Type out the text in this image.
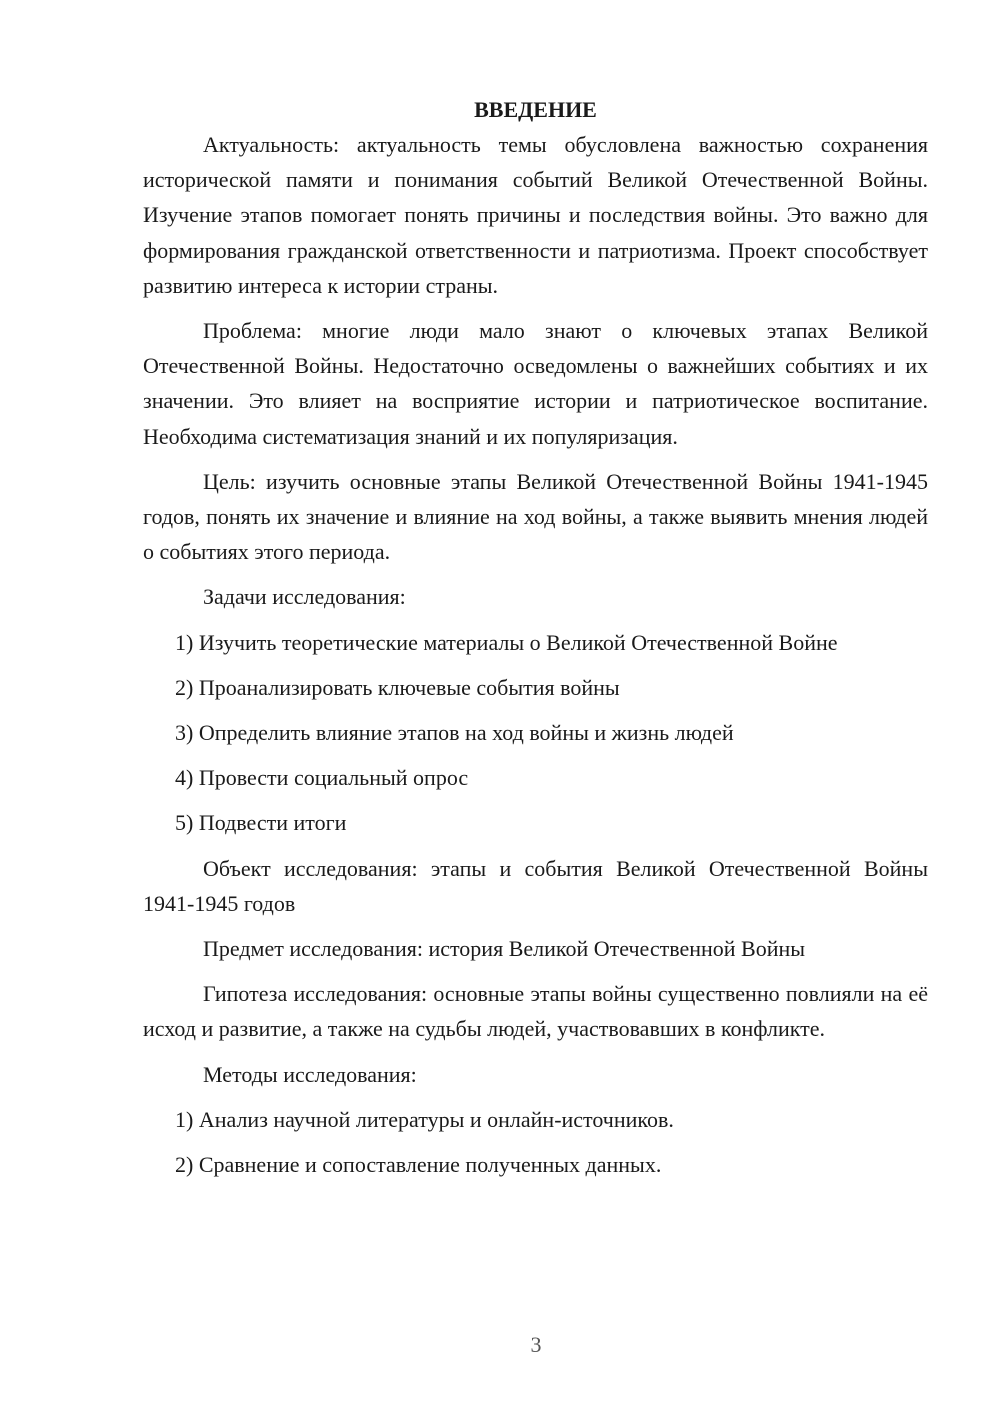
ВВЕДЕНИЕ

Актуальность: актуальность темы обусловлена важностью сохранения исторической памяти и понимания событий Великой Отечественной Войны. Изучение этапов помогает понять причины и последствия войны. Это важно для формирования гражданской ответственности и патриотизма. Проект способствует развитию интереса к истории страны.

Проблема: многие люди мало знают о ключевых этапах Великой Отечественной Войны. Недостаточно осведомлены о важнейших событиях и их значении. Это влияет на восприятие истории и патриотическое воспитание. Необходима систематизация знаний и их популяризация.

Цель: изучить основные этапы Великой Отечественной Войны 1941-1945 годов, понять их значение и влияние на ход войны, а также выявить мнения людей о событиях этого периода.

Задачи исследования:

1) Изучить теоретические материалы о Великой Отечественной Войне

2) Проанализировать ключевые события войны

3) Определить влияние этапов на ход войны и жизнь людей

4) Провести социальный опрос

5) Подвести итоги

Объект исследования: этапы и события Великой Отечественной Войны 1941-1945 годов

Предмет исследования: история Великой Отечественной Войны

Гипотеза исследования: основные этапы войны существенно повлияли на её исход и развитие, а также на судьбы людей, участвовавших в конфликте.

Методы исследования:

1) Анализ научной литературы и онлайн-источников.

2) Сравнение и сопоставление полученных данных.

3
